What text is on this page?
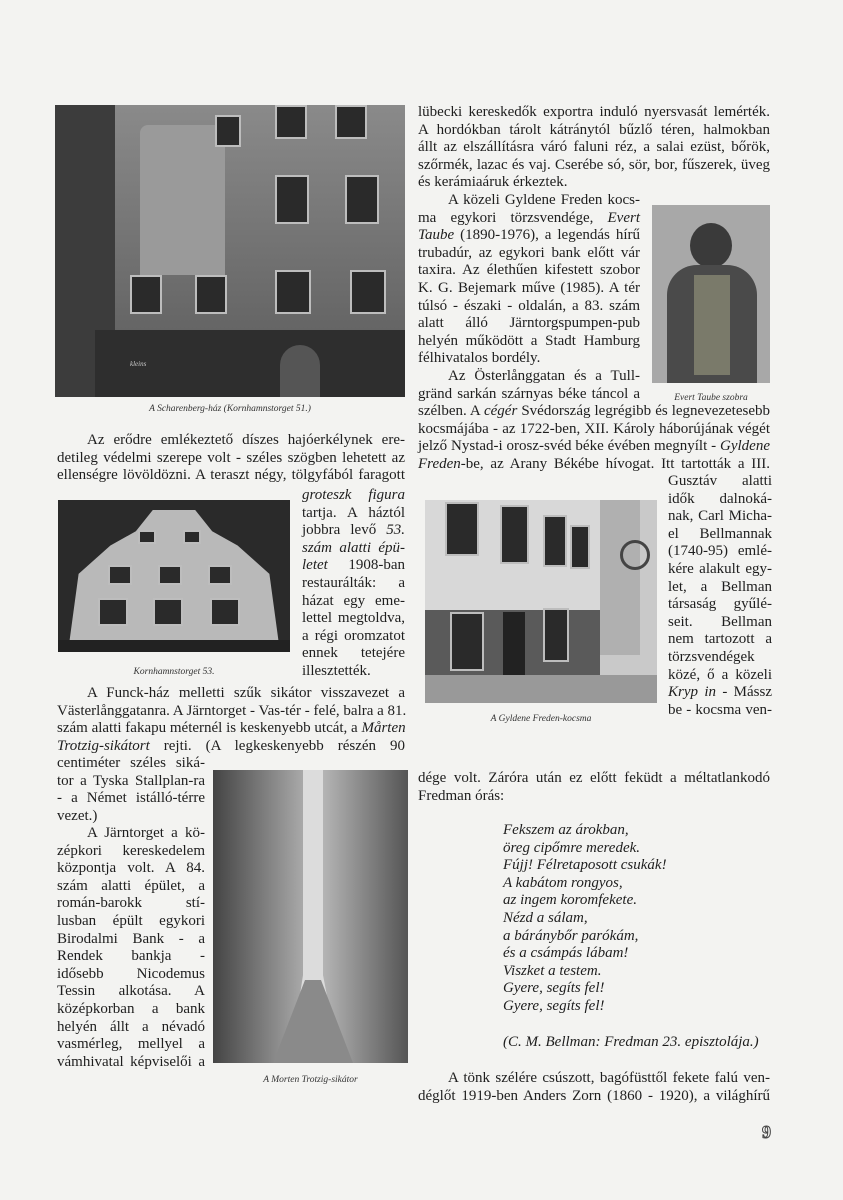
kleins
A Scharenberg-ház (Kornhamnstorget 51.)
Kornhamnstorget 53.
A Morten Trotzig-sikátor
Evert Taube szobra
A Gyldene Freden-kocsma
Az erődre emlékeztető díszes hajóerkélynek ere-
detileg védelmi szerepe volt - széles szögben lehetett az
ellenségre lövöldözni. A teraszt négy, tölgyfából faragott
groteszk figura
tartja. A háztól
jobbra levő 53.
szám alatti épü-
letet 1908-ban
restaurálták: a
házat egy eme-
lettel megtoldva,
a régi oromzatot
ennek tetejére
illesztették.
A Funck-ház melletti szűk sikátor visszavezet a
Västerlånggatanra. A Järntorget - Vas-tér - felé, balra a 81.
szám alatti fakapu méternél is keskenyebb utcát, a Mårten
Trotzig-sikátort rejti. (A legkeskenyebb részén 90
centiméter széles siká-
tor a Tyska Stallplan-ra
- a Német istálló-térre
vezet.)
A Järntorget a kö-
zépkori kereskedelem
központja volt. A 84.
szám alatti épület, a
román-barokk stí-
lusban épült egykori
Birodalmi Bank - a
Rendek bankja -
idősebb Nicodemus
Tessin alkotása. A
középkorban a bank
helyén állt a névadó
vasmérleg, mellyel a
vámhivatal képviselői a
lübecki kereskedők exportra induló nyersvasát lemérték.
A hordókban tárolt kátránytól bűzlő téren, halmokban
állt az elszállításra váró faluni réz, a salai ezüst, bőrök,
szőrmék, lazac és vaj. Cserébe só, sör, bor, fűszerek, üveg
és kerámiaáruk érkeztek.
A közeli Gyldene Freden kocs-
ma egykori törzsvendége, Evert
Taube (1890-1976), a legendás hírű
trubadúr, az egykori bank előtt vár
taxira. Az élethűen kifestett szobor
K. G. Bejemark műve (1985). A tér
túlsó - északi - oldalán, a 83. szám
alatt álló Järntorgspumpen-pub
helyén működött a Stadt Hamburg
félhivatalos bordély.
Az Österlånggatan és a Tull-
gränd sarkán szárnyas béke táncol a
szélben. A cégér Svédország legrégibb és legnevezetesebb
kocsmájába - az 1722-ben, XII. Károly háborújának végét
jelző Nystad-i orosz-svéd béke évében megnyílt - Gyldene
Freden-be, az Arany Békébe hívogat. Itt tartották a III.
Gusztáv alatti
idők dalnoká-
nak, Carl Micha-
el Bellmannak
(1740-95) emlé-
kére alakult egy-
let, a Bellman
társaság gyűlé-
seit. Bellman
nem tartozott a
törzsvendégek
közé, ő a közeli
Kryp in - Mássz
be - kocsma ven-
dége volt. Záróra után ez előtt feküdt a méltatlankodó
Fredman órás:
Fekszem az árokban,
öreg cipőmre meredek.
Fújj! Félretaposott csukák!
A kabátom rongyos,
az ingem koromfekete.
Nézd a sálam,
a báránybőr parókám,
és a csámpás lábam!
Viszket a testem.
Gyere, segíts fel!
Gyere, segíts fel!
(C. M. Bellman: Fredman 23. episztolája.)
A tönk szélére csúszott, bagófüsttől fekete falú ven-
déglőt 1919-ben Anders Zorn (1860 - 1920), a világhírű
9
